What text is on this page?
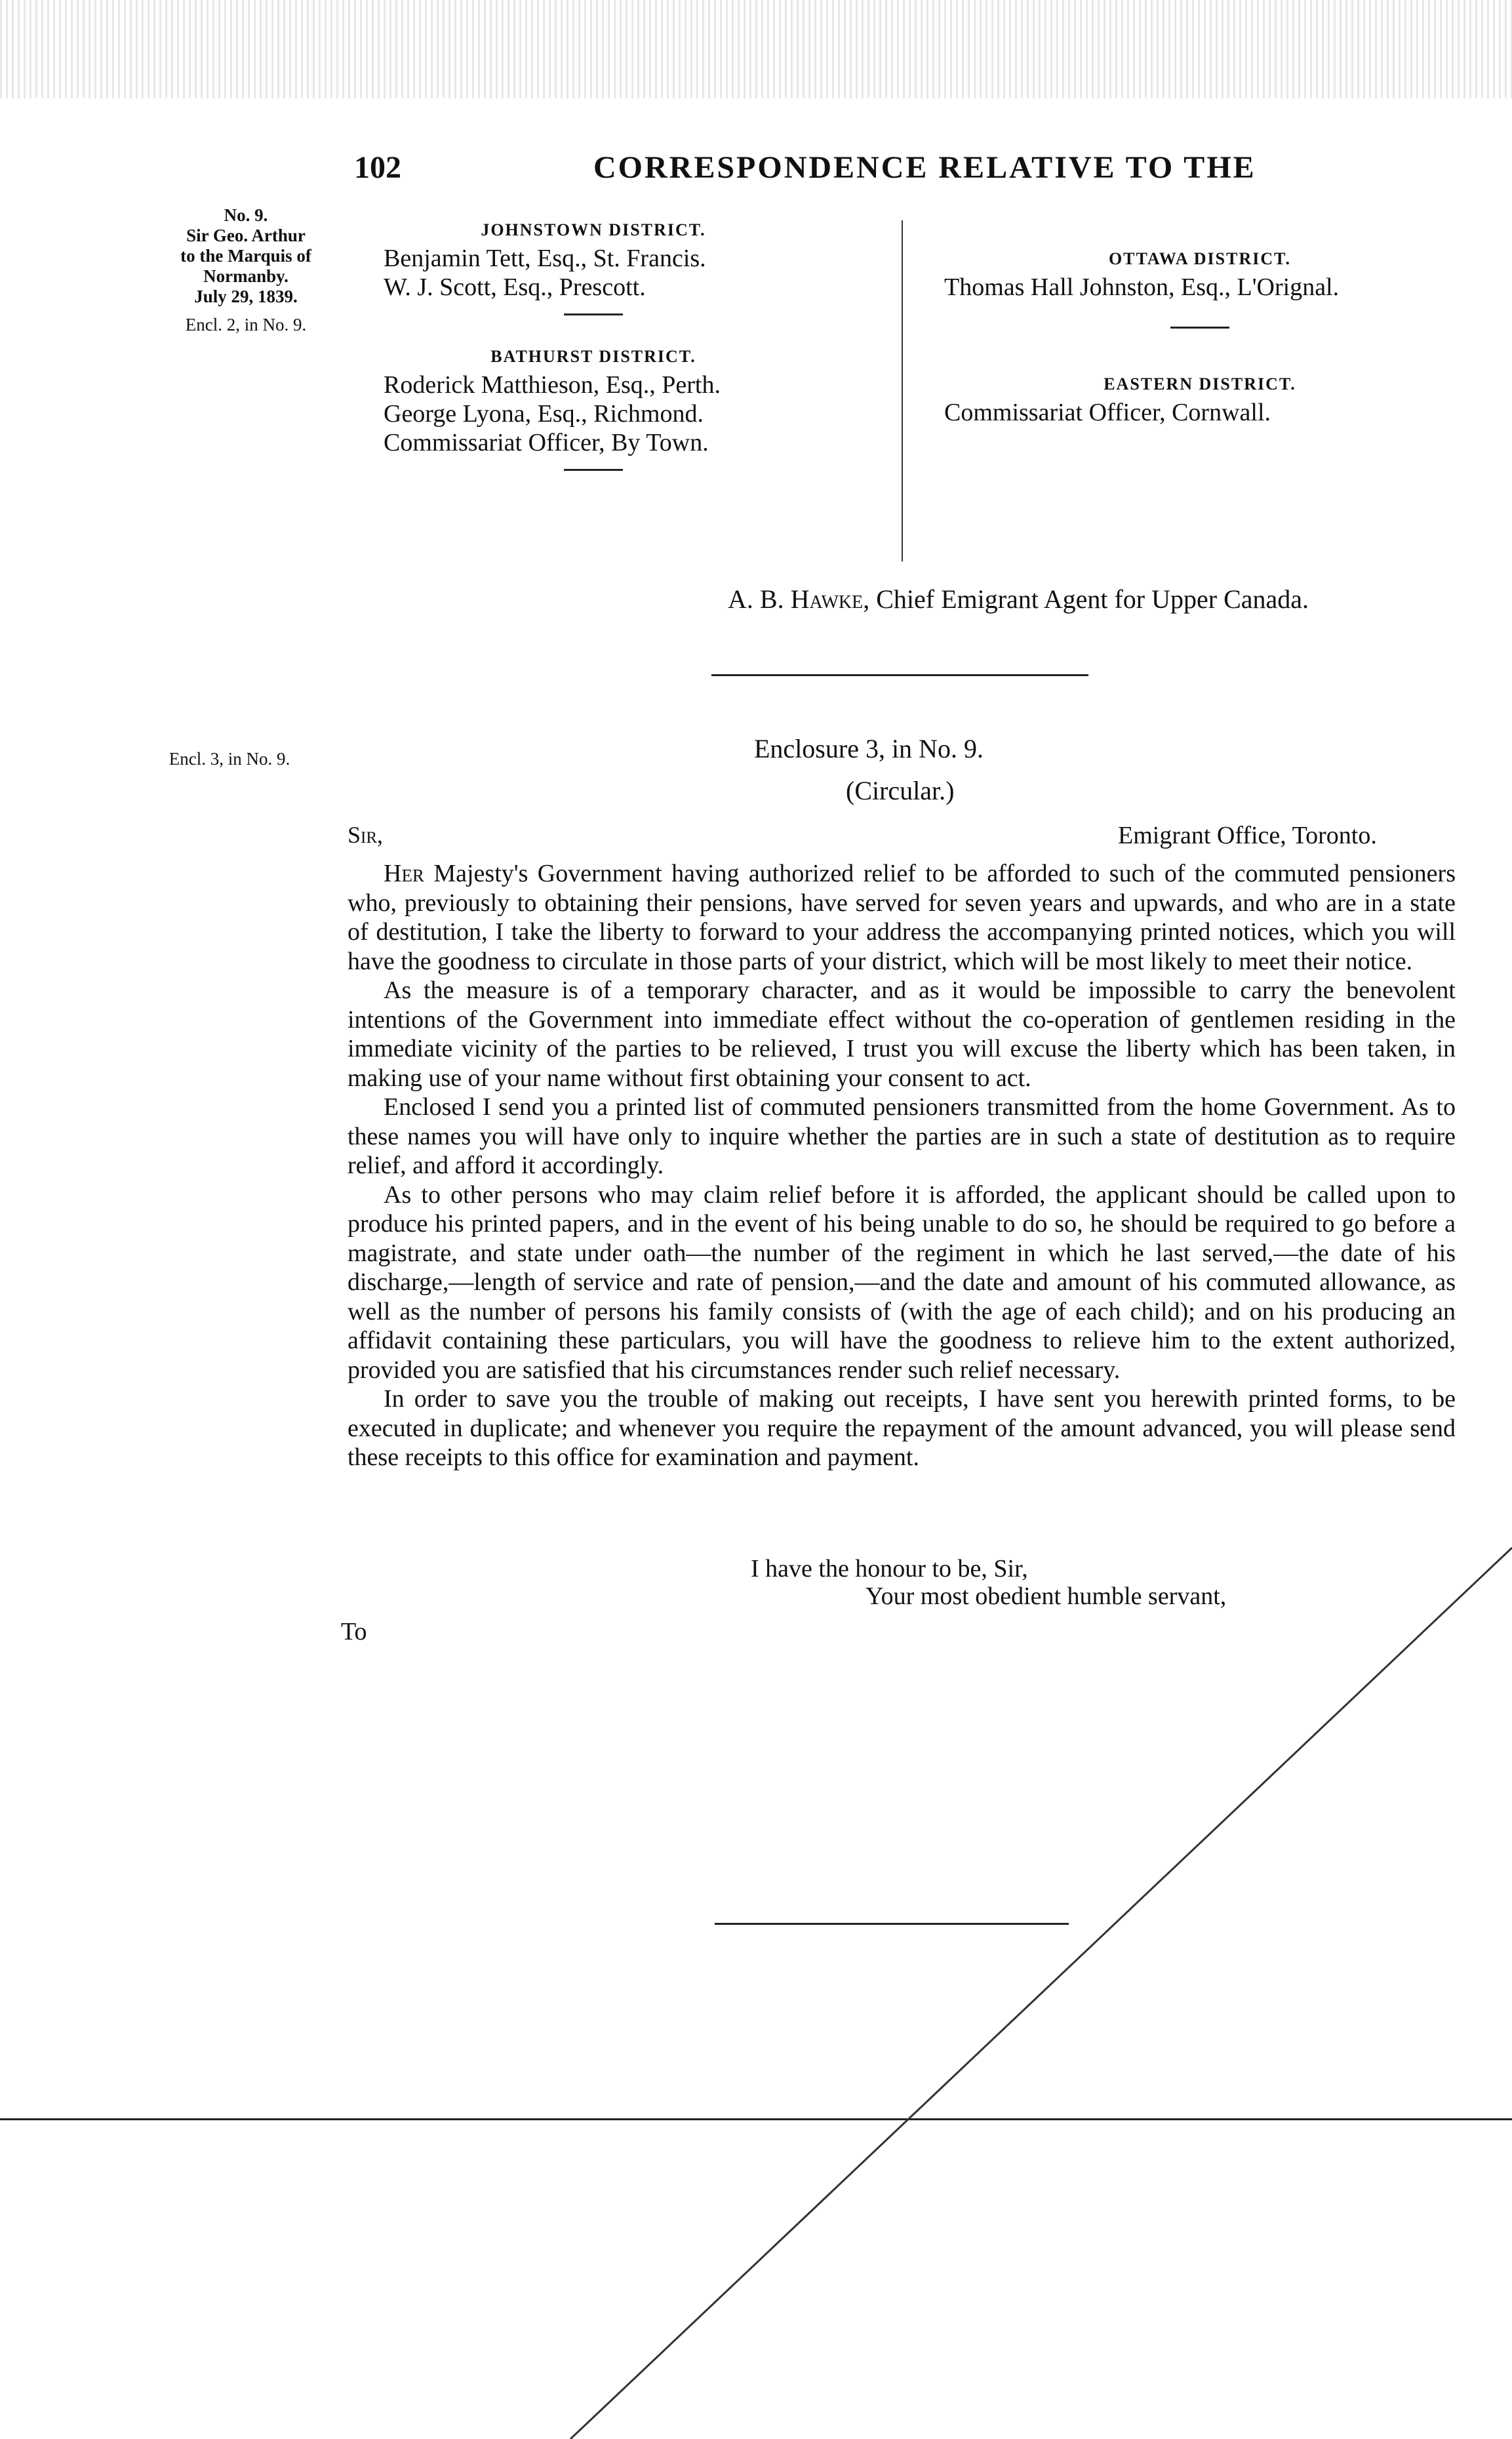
102	CORRESPONDENCE RELATIVE TO THE
No. 9.
Sir Geo. Arthur
to the Marquis of
Normanby.
July 29, 1839.
Encl. 2, in No. 9.
JOHNSTOWN DISTRICT.
Benjamin Tett, Esq., St. Francis.
W. J. Scott, Esq., Prescott.
BATHURST DISTRICT.
Roderick Matthieson, Esq., Perth.
George Lyona, Esq., Richmond.
Commissariat Officer, By Town.
OTTAWA DISTRICT.
Thomas Hall Johnston, Esq., L'Orignal.
EASTERN DISTRICT.
Commissariat Officer, Cornwall.
A. B. Hawke, Chief Emigrant Agent for Upper Canada.
Encl. 3, in No. 9.	Enclosure 3, in No. 9.
(Circular.)
Sir,	Emigrant Office, Toronto.

Her Majesty's Government having authorized relief to be afforded to such of the commuted pensioners who, previously to obtaining their pensions, have served for seven years and upwards, and who are in a state of destitution, I take the liberty to forward to your address the accompanying printed notices, which you will have the goodness to circulate in those parts of your district, which will be most likely to meet their notice.

As the measure is of a temporary character, and as it would be impossible to carry the benevolent intentions of the Government into immediate effect without the co-operation of gentlemen residing in the immediate vicinity of the parties to be relieved, I trust you will excuse the liberty which has been taken, in making use of your name without first obtaining your consent to act.

Enclosed I send you a printed list of commuted pensioners transmitted from the home Government. As to these names you will have only to inquire whether the parties are in such a state of destitution as to require relief, and afford it accordingly.

As to other persons who may claim relief before it is afforded, the applicant should be called upon to produce his printed papers, and in the event of his being unable to do so, he should be required to go before a magistrate, and state under oath—the number of the regiment in which he last served,—the date of his discharge,—length of service and rate of pension,—and the date and amount of his commuted allowance, as well as the number of persons his family consists of (with the age of each child); and on his producing an affidavit containing these particulars, you will have the goodness to relieve him to the extent authorized, provided you are satisfied that his circumstances render such relief necessary.

In order to save you the trouble of making out receipts, I have sent you herewith printed forms, to be executed in duplicate; and whenever you require the repayment of the amount advanced, you will please send these receipts to this office for examination and payment.

I have the honour to be, Sir,
Your most obedient humble servant,
To
